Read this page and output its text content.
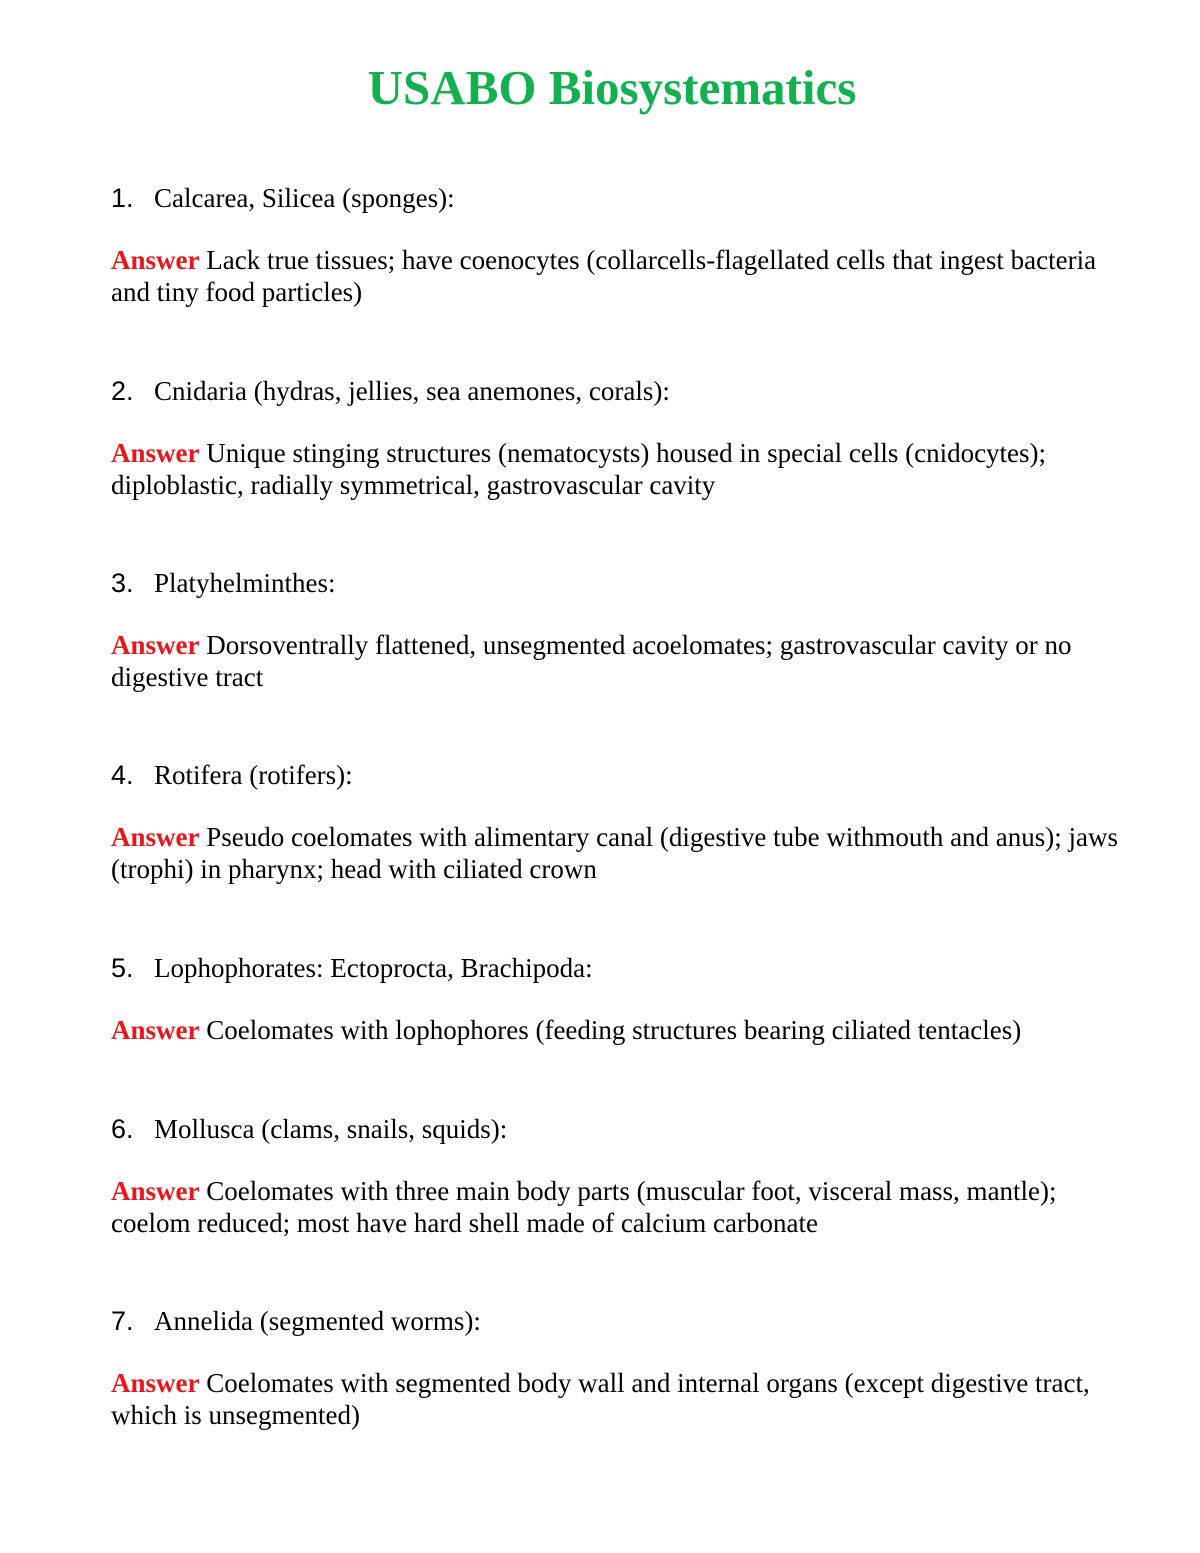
USABO Biosystematics
1. Calcarea, Silicea (sponges):
Answer Lack true tissues; have coenocytes (collarcells-flagellated cells that ingest bacteria and tiny food particles)
2. Cnidaria (hydras, jellies, sea anemones, corals):
Answer Unique stinging structures (nematocysts) housed in special cells (cnidocytes); diploblastic, radially symmetrical, gastrovascular cavity
3. Platyhelminthes:
Answer Dorsoventrally flattened, unsegmented acoelomates; gastrovascular cavity or no digestive tract
4. Rotifera (rotifers):
Answer Pseudo coelomates with alimentary canal (digestive tube withmouth and anus); jaws (trophi) in pharynx; head with ciliated crown
5. Lophophorates: Ectoprocta, Brachipoda:
Answer Coelomates with lophophores (feeding structures bearing ciliated tentacles)
6. Mollusca (clams, snails, squids):
Answer Coelomates with three main body parts (muscular foot, visceral mass, mantle); coelom reduced; most have hard shell made of calcium carbonate
7. Annelida (segmented worms):
Answer Coelomates with segmented body wall and internal organs (except digestive tract, which is unsegmented)
